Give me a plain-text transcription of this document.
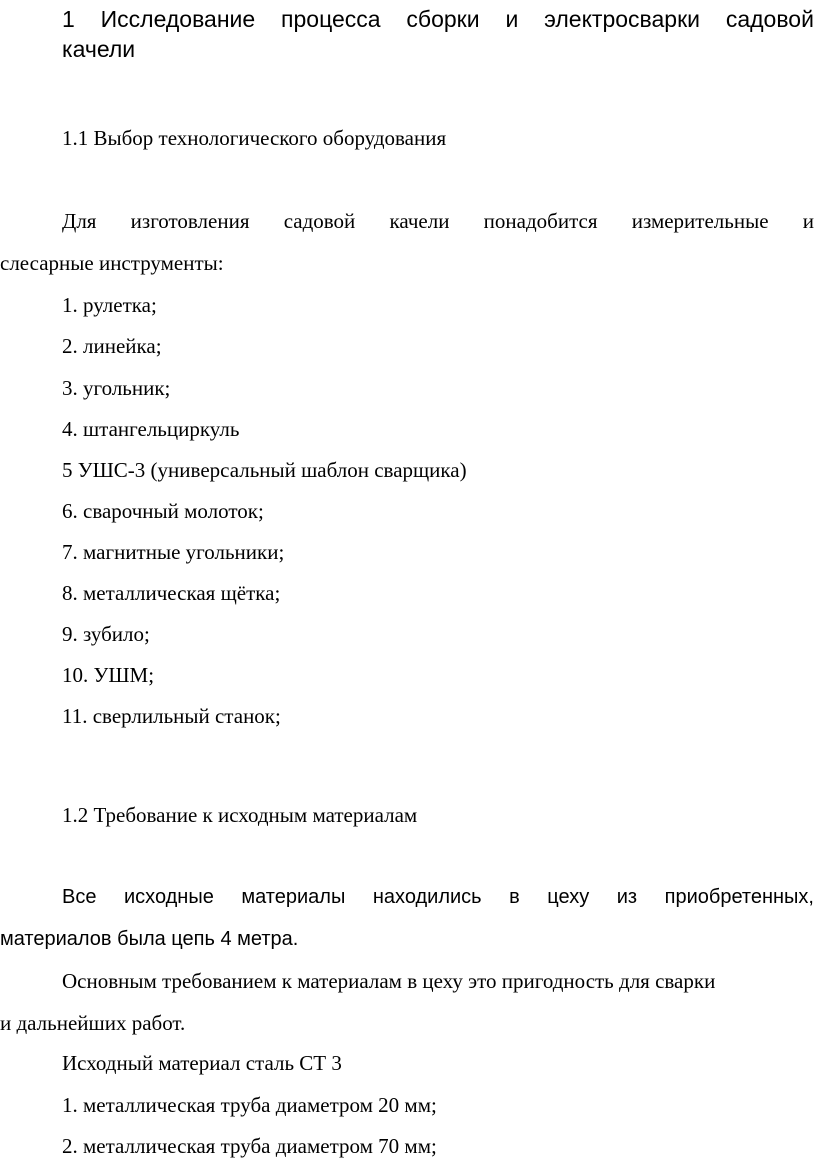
1 Исследование процесса сборки и электросварки садовой
качели
1.1 Выбор технологического оборудования
Для изготовления садовой качели понадобится измерительные и
слесарные инструменты:
1. рулетка;
2. линейка;
3. угольник;
4. штангельциркуль
5 УШС-3 (универсальный шаблон сварщика)
6. сварочный молоток;
7. магнитные угольники;
8. металлическая щётка;
9. зубило;
10. УШМ;
11. сверлильный станок;
1.2 Требование к исходным материалам
Все исходные материалы находились в цеху из приобретенных,
материалов была цепь 4 метра.
Основным требованием к материалам в цеху это пригодность для сварки
и дальнейших работ.
Исходный материал сталь СТ 3
1. металлическая труба диаметром 20 мм;
2. металлическая труба диаметром 70 мм;
